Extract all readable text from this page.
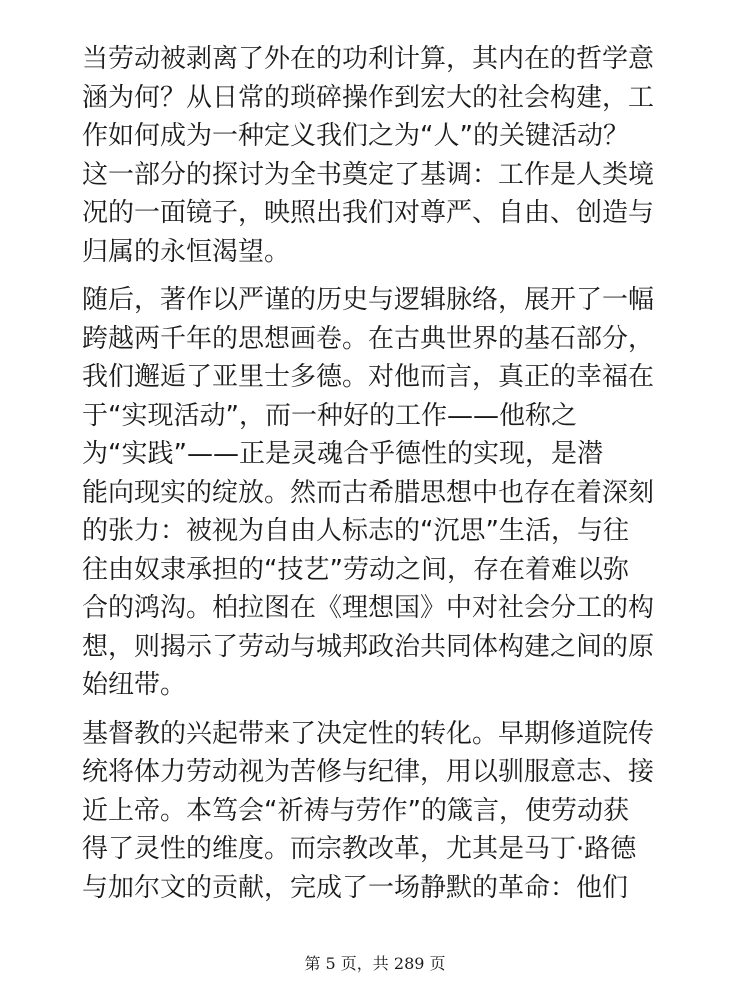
当劳动被剥离了外在的功利计算，其内在的哲学意
涵为何？从日常的琐碎操作到宏大的社会构建，工
作如何成为一种定义我们之为“人”的关键活动？
这一部分的探讨为全书奠定了基调：工作是人类境
况的一面镜子，映照出我们对尊严、自由、创造与
归属的永恒渴望。

随后，著作以严谨的历史与逻辑脉络，展开了一幅
跨越两千年的思想画卷。在古典世界的基石部分，
我们邂逅了亚里士多德。对他而言，真正的幸福在
于“实现活动”，而一种好的工作——他称之
为“实践”——正是灵魂合乎德性的实现，是潜
能向现实的绽放。然而古希腊思想中也存在着深刻
的张力：被视为自由人标志的“沉思”生活，与往
往由奴隶承担的“技艺”劳动之间，存在着难以弥
合的鸿沟。柏拉图在《理想国》中对社会分工的构
想，则揭示了劳动与城邦政治共同体构建之间的原
始纽带。

基督教的兴起带来了决定性的转化。早期修道院传
统将体力劳动视为苦修与纪律，用以驯服意志、接
近上帝。本笃会“祈祷与劳作”的箴言，使劳动获
得了灵性的维度。而宗教改革，尤其是马丁·路德
与加尔文的贡献，完成了一场静默的革命：他们

第 5 页，共 289 页
